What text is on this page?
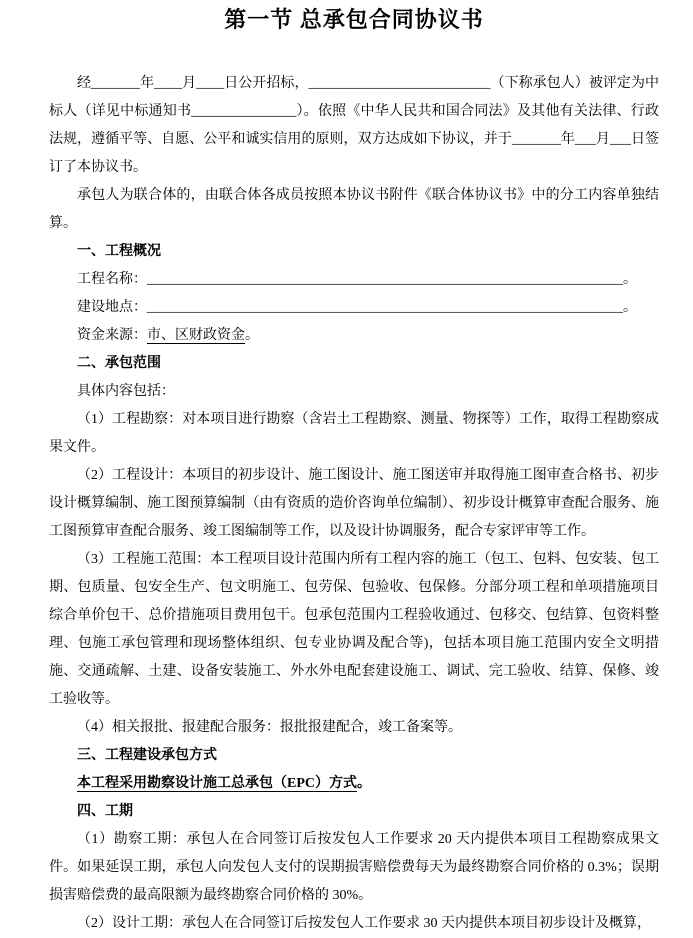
第一节 总承包合同协议书

经_______年____月____日公开招标，__________________________（下称承包人）被评定为中标人（详见中标通知书_______________）。依照《中华人民共和国合同法》及其他有关法律、行政法规，遵循平等、自愿、公平和诚实信用的原则，双方达成如下协议，并于_______年___月___日签订了本协议书。

承包人为联合体的，由联合体各成员按照本协议书附件《联合体协议书》中的分工内容单独结算。

一、工程概况

工程名称：____________________________________________________________________。

建设地点：____________________________________________________________________。

资金来源：市、区财政资金。

二、承包范围

具体内容包括：

（1）工程勘察：对本项目进行勘察（含岩土工程勘察、测量、物探等）工作，取得工程勘察成果文件。

（2）工程设计：本项目的初步设计、施工图设计、施工图送审并取得施工图审查合格书、初步设计概算编制、施工图预算编制（由有资质的造价咨询单位编制）、初步设计概算审查配合服务、施工图预算审查配合服务、竣工图编制等工作，以及设计协调服务，配合专家评审等工作。

（3）工程施工范围：本工程项目设计范围内所有工程内容的施工（包工、包料、包安装、包工期、包质量、包安全生产、包文明施工、包劳保、包验收、包保修。分部分项工程和单项措施项目综合单价包干、总价措施项目费用包干。包承包范围内工程验收通过、包移交、包结算、包资料整理、包施工承包管理和现场整体组织、包专业协调及配合等)，包括本项目施工范围内安全文明措施、交通疏解、土建、设备安装施工、外水外电配套建设施工、调试、完工验收、结算、保修、竣工验收等。

（4）相关报批、报建配合服务：报批报建配合，竣工备案等。

三、工程建设承包方式

本工程采用勘察设计施工总承包（EPC）方式。

四、工期

（1）勘察工期：承包人在合同签订后按发包人工作要求 20 天内提供本项目工程勘察成果文件。如果延误工期，承包人向发包人支付的误期损害赔偿费每天为最终勘察合同价格的 0.3%；误期损害赔偿费的最高限额为最终勘察合同价格的 30%。

（2）设计工期：承包人在合同签订后按发包人工作要求 30 天内提供本项目初步设计及概算，
